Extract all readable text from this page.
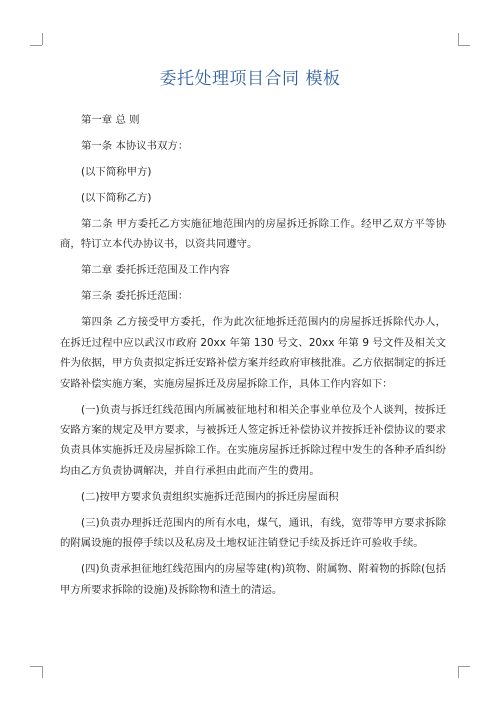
委托处理项目合同 模板

第一章 总 则

第一条 本协议书双方：

(以下简称甲方)

(以下简称乙方)

第二条 甲方委托乙方实施征地范围内的房屋拆迁拆除工作。经甲乙双方平等协商，特订立本代办协议书，以资共同遵守。

第二章 委托拆迁范围及工作内容

第三条 委托拆迁范围：

第四条 乙方接受甲方委托，作为此次征地拆迁范围内的房屋拆迁拆除代办人，在拆迁过程中应以武汉市政府 20xx 年第 130 号文、20xx 年第 9 号文件及相关文件为依据，甲方负责拟定拆迁安路补偿方案并经政府审核批准。乙方依据制定的拆迁安路补偿实施方案，实施房屋拆迁及房屋拆除工作，具体工作内容如下：

(一)负责与拆迁红线范围内所属被征地村和相关企事业单位及个人谈判，按拆迁安路方案的规定及甲方要求，与被拆迁人签定拆迁补偿协议并按拆迁补偿协议的要求负责具体实施拆迁及房屋拆除工作。在实施房屋拆迁拆除过程中发生的各种矛盾纠纷均由乙方负责协调解决，并自行承担由此而产生的费用。

(二)按甲方要求负责组织实施拆迁范围内的拆迁房屋面积

(三)负责办理拆迁范围内的所有水电，煤气，通讯，有线，宽带等甲方要求拆除的附属设施的报停手续以及私房及土地权证注销登记手续及拆迁许可验收手续。

(四)负责承担征地红线范围内的房屋等建(构)筑物、附属物、附着物的拆除(包括甲方所要求拆除的设施)及拆除物和渣土的清运。
